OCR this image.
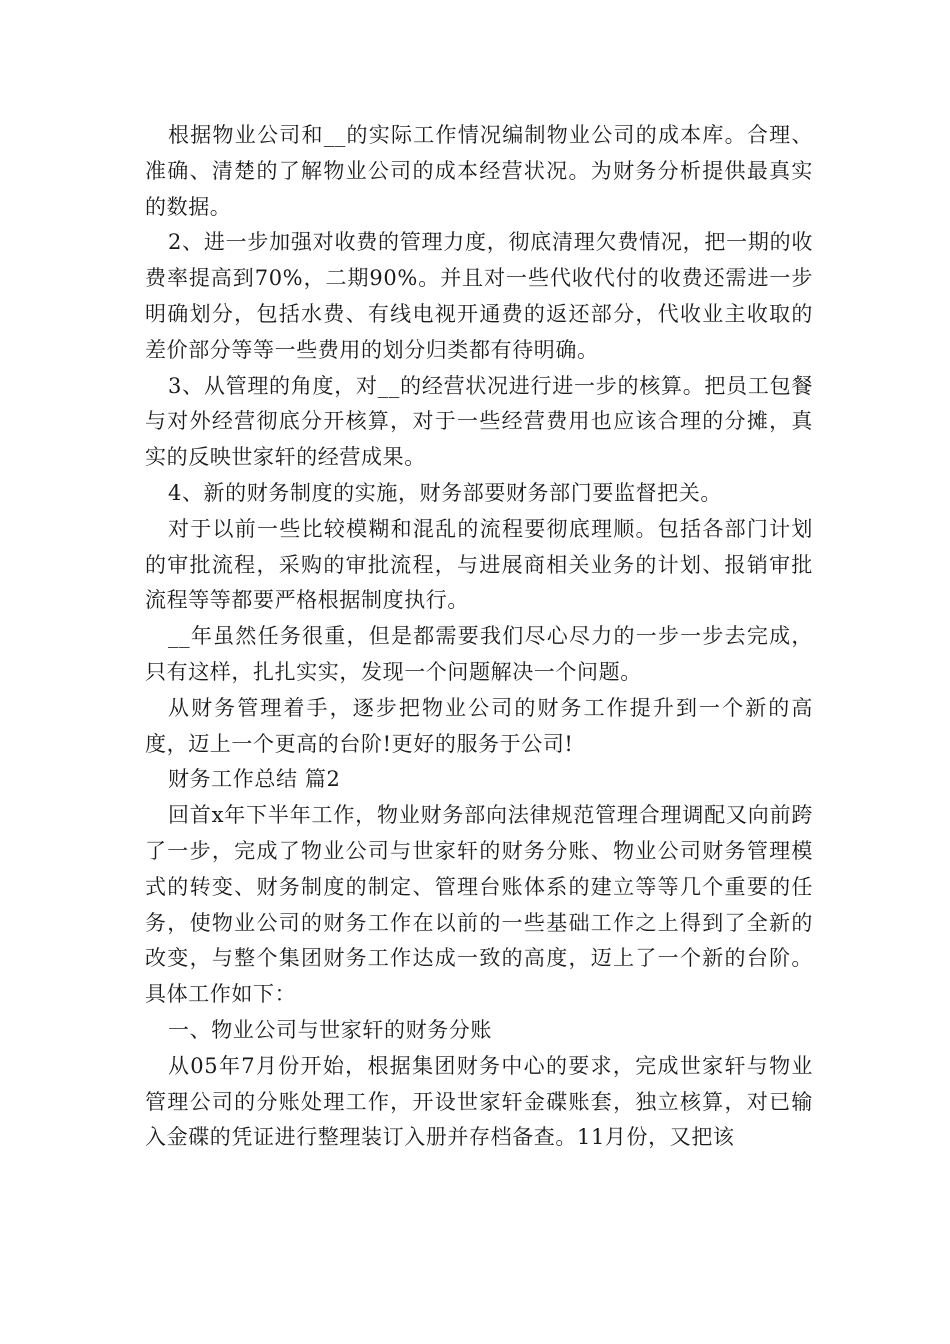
根据物业公司和__的实际工作情况编制物业公司的成本库。合理、准确、清楚的了解物业公司的成本经营状况。为财务分析提供最真实的数据。

2、进一步加强对收费的管理力度，彻底清理欠费情况，把一期的收费率提高到70%，二期90%。并且对一些代收代付的收费还需进一步明确划分，包括水费、有线电视开通费的返还部分，代收业主收取的差价部分等等一些费用的划分归类都有待明确。

3、从管理的角度，对__的经营状况进行进一步的核算。把员工包餐与对外经营彻底分开核算，对于一些经营费用也应该合理的分摊，真实的反映世家轩的经营成果。

4、新的财务制度的实施，财务部要财务部门要监督把关。

对于以前一些比较模糊和混乱的流程要彻底理顺。包括各部门计划的审批流程，采购的审批流程，与进展商相关业务的计划、报销审批流程等等都要严格根据制度执行。

__年虽然任务很重，但是都需要我们尽心尽力的一步一步去完成，只有这样，扎扎实实，发现一个问题解决一个问题。

从财务管理着手，逐步把物业公司的财务工作提升到一个新的高度，迈上一个更高的台阶!更好的服务于公司!

财务工作总结 篇2

回首x年下半年工作，物业财务部向法律规范管理合理调配又向前跨了一步，完成了物业公司与世家轩的财务分账、物业公司财务管理模式的转变、财务制度的制定、管理台账体系的建立等等几个重要的任务，使物业公司的财务工作在以前的一些基础工作之上得到了全新的改变，与整个集团财务工作达成一致的高度，迈上了一个新的台阶。具体工作如下：

一、物业公司与世家轩的财务分账

从05年7月份开始，根据集团财务中心的要求，完成世家轩与物业管理公司的分账处理工作，开设世家轩金碟账套，独立核算，对已输入金碟的凭证进行整理装订入册并存档备查。11月份，又把该
